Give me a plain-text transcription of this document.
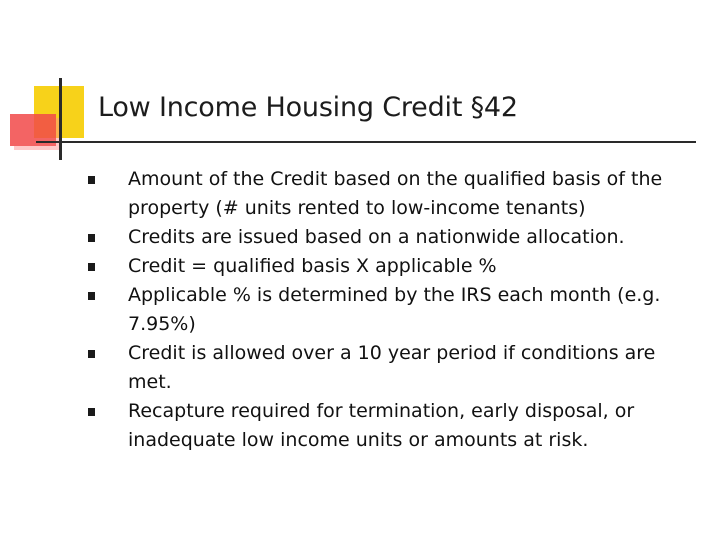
Low Income Housing Credit §42
Amount of the Credit based on the qualified basis of the property (# units rented to low-income tenants)
Credits are issued based on a nationwide allocation.
Credit = qualified basis X applicable %
Applicable % is determined by the IRS each month (e.g. 7.95%)
Credit is allowed over a 10 year period if conditions are met.
Recapture required for termination, early disposal, or inadequate low income units or amounts at risk.
